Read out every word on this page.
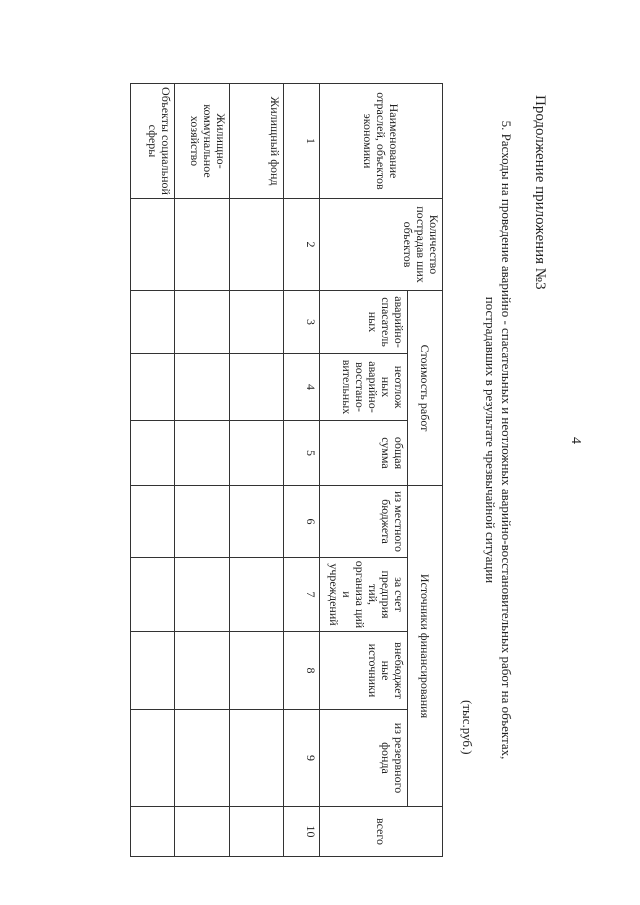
4
Продолжение приложения №3
5. Расходы на проведение аварийно - спасательных и неотложных аварийно-восстановительных работ на объектах,
пострадавших в результате чрезвычайной ситуации
(тыс.руб.)
Наименование отраслей, объектов экономики	Количество пострадав ших объектов	Стоимость работ			Источники финансирования				всего
		аварийно-спасатель ных	неотлож ных аварийно-восстано-вительных	общая сумма	из местного бюджета	за счет предприя тий, организа ций и учреждений	внебюджет ные источники	из резервного фонда	
1	2	3	4	5	6	7	8	9	10
Жилищный фонд									
Жилищно-коммунальное хозяйство									
Объекты социальной сферы									
